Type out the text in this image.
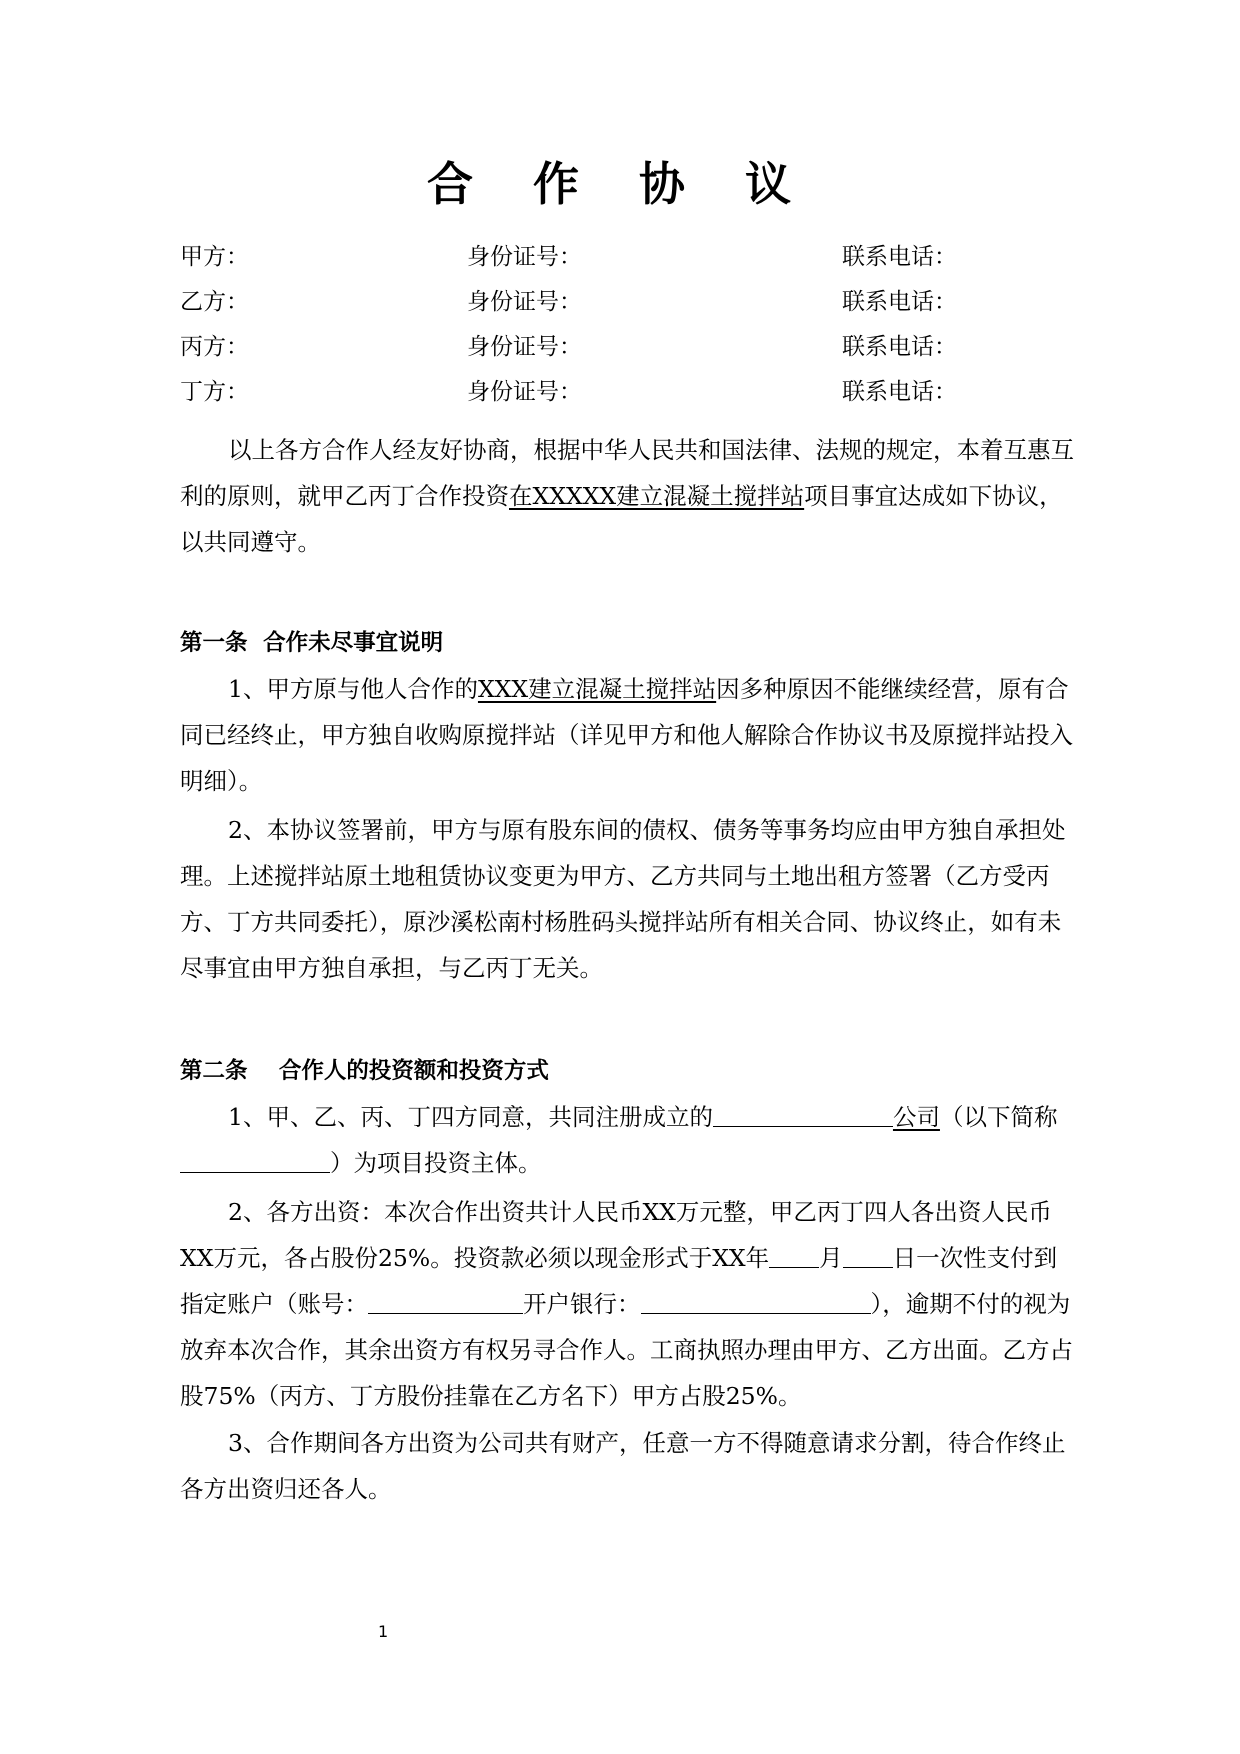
合 作 协 议
甲方：	身份证号：	联系电话：
乙方：	身份证号：	联系电话：
丙方：	身份证号：	联系电话：
丁方：	身份证号：	联系电话：

以上各方合作人经友好协商，根据中华人民共和国法律、法规的规定，本着互惠互利的原则，就甲乙丙丁合作投资在XXXXX建立混凝土搅拌站项目事宜达成如下协议，以共同遵守。

第一条  合作未尽事宜说明

1、甲方原与他人合作的XXX建立混凝土搅拌站因多种原因不能继续经营，原有合同已经终止，甲方独自收购原搅拌站（详见甲方和他人解除合作协议书及原搅拌站投入明细）。

2、本协议签署前，甲方与原有股东间的债权、债务等事务均应由甲方独自承担处理。上述搅拌站原土地租赁协议变更为甲方、乙方共同与土地出租方签署（乙方受丙方、丁方共同委托），原沙溪松南村杨胜码头搅拌站所有相关合同、协议终止，如有未尽事宜由甲方独自承担，与乙丙丁无关。

第二条    合作人的投资额和投资方式

1、甲、乙、丙、丁四方同意，共同注册成立的	公司（以下简称）为项目投资主体。

2、各方出资：本次合作出资共计人民币XX万元整，甲乙丙丁四人各出资人民币XX万元，各占股份25%。投资款必须以现金形式于XX年 月 日一次性支付到指定账户（账号：	开户银行：	），逾期不付的视为放弃本次合作，其余出资方有权另寻合作人。工商执照办理由甲方、乙方出面。乙方占股75%（丙方、丁方股份挂靠在乙方名下）甲方占股25%。

3、合作期间各方出资为公司共有财产，任意一方不得随意请求分割，待合作终止各方出资归还各人。

1
